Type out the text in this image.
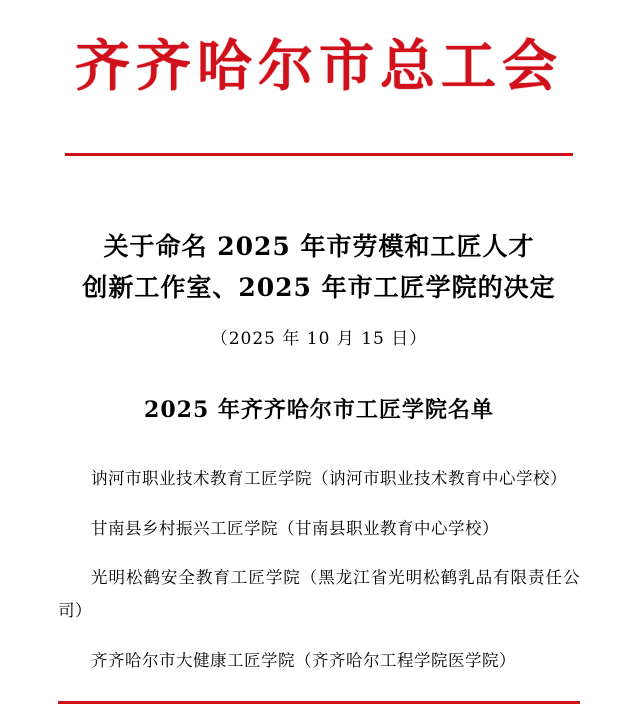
齐齐哈尔市总工会
关于命名 2025 年市劳模和工匠人才
创新工作室、2025 年市工匠学院的决定
（2025 年 10 月 15 日）
2025 年齐齐哈尔市工匠学院名单

讷河市职业技术教育工匠学院（讷河市职业技术教育中心学校）

甘南县乡村振兴工匠学院（甘南县职业教育中心学校）

光明松鹤安全教育工匠学院（黑龙江省光明松鹤乳品有限责任公司）

齐齐哈尔市大健康工匠学院（齐齐哈尔工程学院医学院）
